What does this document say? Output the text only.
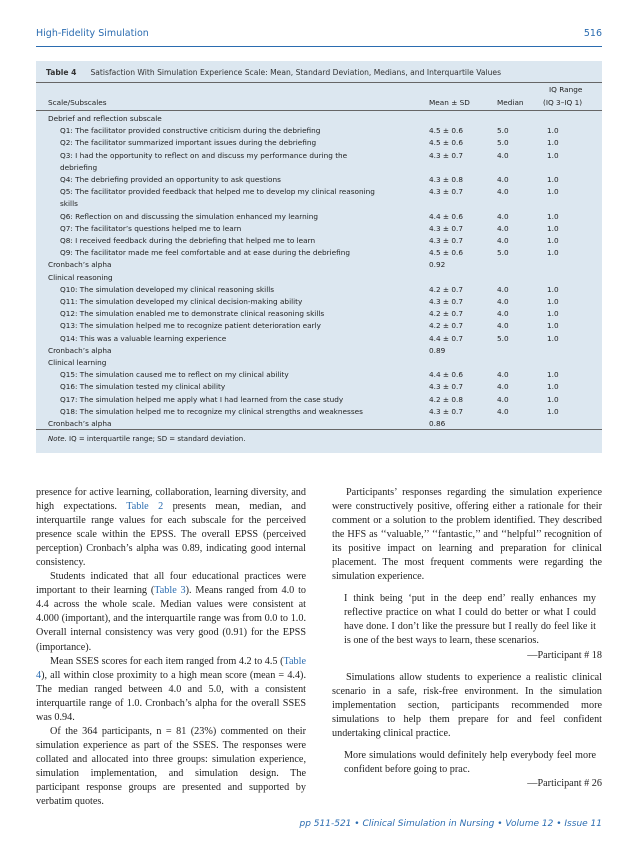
High-Fidelity Simulation	516
Table 4 Satisfaction With Simulation Experience Scale: Mean, Standard Deviation, Medians, and Interquartile Values
IQ Range
Scale/Subscales	Mean ± SD	Median	(IQ 3–IQ 1)
Debrief and reflection subscale
Q1: The facilitator provided constructive criticism during the debriefing	4.5 ± 0.6	5.0	1.0
Q2: The facilitator summarized important issues during the debriefing	4.5 ± 0.6	5.0	1.0
Q3: I had the opportunity to reflect on and discuss my performance during the	4.3 ± 0.7	4.0	1.0
debriefing
Q4: The debriefing provided an opportunity to ask questions	4.3 ± 0.8	4.0	1.0
Q5: The facilitator provided feedback that helped me to develop my clinical reasoning	4.3 ± 0.7	4.0	1.0
skills
Q6: Reflection on and discussing the simulation enhanced my learning	4.4 ± 0.6	4.0	1.0
Q7: The facilitator’s questions helped me to learn	4.3 ± 0.7	4.0	1.0
Q8: I received feedback during the debriefing that helped me to learn	4.3 ± 0.7	4.0	1.0
Q9: The facilitator made me feel comfortable and at ease during the debriefing	4.5 ± 0.6	5.0	1.0
Cronbach’s alpha	0.92
Clinical reasoning
Q10: The simulation developed my clinical reasoning skills	4.2 ± 0.7	4.0	1.0
Q11: The simulation developed my clinical decision-making ability	4.3 ± 0.7	4.0	1.0
Q12: The simulation enabled me to demonstrate clinical reasoning skills	4.2 ± 0.7	4.0	1.0
Q13: The simulation helped me to recognize patient deterioration early	4.2 ± 0.7	4.0	1.0
Q14: This was a valuable learning experience	4.4 ± 0.7	5.0	1.0
Cronbach’s alpha	0.89
Clinical learning
Q15: The simulation caused me to reflect on my clinical ability	4.4 ± 0.6	4.0	1.0
Q16: The simulation tested my clinical ability	4.3 ± 0.7	4.0	1.0
Q17: The simulation helped me apply what I had learned from the case study	4.2 ± 0.8	4.0	1.0
Q18: The simulation helped me to recognize my clinical strengths and weaknesses	4.3 ± 0.7	4.0	1.0
Cronbach’s alpha	0.86
Note. IQ = interquartile range; SD = standard deviation.

presence for active learning, collaboration, learning diversity, and high expectations. Table 2 presents mean, median, and interquartile range values for each subscale for the perceived presence scale within the EPSS. The overall EPSS (perceived perception) Cronbach’s alpha was 0.89, indicating good internal consistency.

Students indicated that all four educational practices were important to their learning (Table 3). Means ranged from 4.0 to 4.4 across the whole scale. Median values were consistent at 4.000 (important), and the interquartile range was from 0.0 to 1.0. Overall internal consistency was very good (0.91) for the EPSS (importance).

Mean SSES scores for each item ranged from 4.2 to 4.5 (Table 4), all within close proximity to a high mean score (mean = 4.4). The median ranged between 4.0 and 5.0, with a consistent interquartile range of 1.0. Cronbach’s alpha for the overall SSES was 0.94.

Of the 364 participants, n = 81 (23%) commented on their simulation experience as part of the SSES. The responses were collated and allocated into three groups: simulation experience, simulation implementation, and simulation design. The participant response groups are presented and supported by verbatim quotes.

Participants’ responses regarding the simulation experience were constructively positive, offering either a rationale for their comment or a solution to the problem identified. They described the HFS as ‘‘valuable,’’ ‘‘fantastic,’’ and ‘‘helpful’’ recognition of its positive impact on learning and preparation for clinical placement. The most frequent comments were regarding the simulation experience.

I think being ‘put in the deep end’ really enhances my reflective practice on what I could do better or what I could have done. I don’t like the pressure but I really do feel like it is one of the best ways to learn, these scenarios.

—Participant # 18

Simulations allow students to experience a realistic clinical scenario in a safe, risk-free environment. In the simulation implementation section, participants recommended more simulations to help them prepare for and feel confident undertaking clinical practice.

More simulations would definitely help everybody feel more confident before going to prac.

—Participant # 26

pp 511-521 • Clinical Simulation in Nursing • Volume 12 • Issue 11
